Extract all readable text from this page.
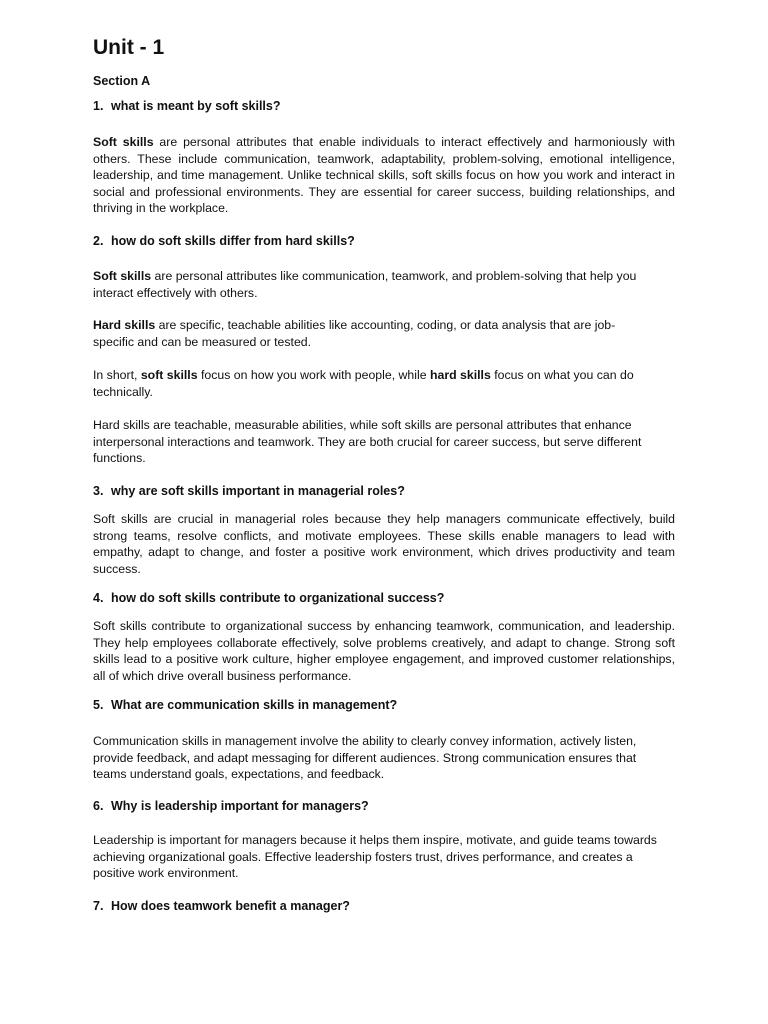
Unit - 1
Section A
1. what is meant by soft skills?

Soft skills are personal attributes that enable individuals to interact effectively and harmoniously with others. These include communication, teamwork, adaptability, problem-solving, emotional intelligence, leadership, and time management. Unlike technical skills, soft skills focus on how you work and interact in social and professional environments. They are essential for career success, building relationships, and thriving in the workplace.

2. how do soft skills differ from hard skills?

Soft skills are personal attributes like communication, teamwork, and problem-solving that help you interact effectively with others.

Hard skills are specific, teachable abilities like accounting, coding, or data analysis that are job-specific and can be measured or tested.

In short, soft skills focus on how you work with people, while hard skills focus on what you can do technically.

Hard skills are teachable, measurable abilities, while soft skills are personal attributes that enhance interpersonal interactions and teamwork. They are both crucial for career success, but serve different functions.

3. why are soft skills important in managerial roles?

Soft skills are crucial in managerial roles because they help managers communicate effectively, build strong teams, resolve conflicts, and motivate employees. These skills enable managers to lead with empathy, adapt to change, and foster a positive work environment, which drives productivity and team success.

4. how do soft skills contribute to organizational success?

Soft skills contribute to organizational success by enhancing teamwork, communication, and leadership. They help employees collaborate effectively, solve problems creatively, and adapt to change. Strong soft skills lead to a positive work culture, higher employee engagement, and improved customer relationships, all of which drive overall business performance.

5. What are communication skills in management?

Communication skills in management involve the ability to clearly convey information, actively listen, provide feedback, and adapt messaging for different audiences. Strong communication ensures that teams understand goals, expectations, and feedback.

6. Why is leadership important for managers?

Leadership is important for managers because it helps them inspire, motivate, and guide teams towards achieving organizational goals. Effective leadership fosters trust, drives performance, and creates a positive work environment.

7. How does teamwork benefit a manager?
